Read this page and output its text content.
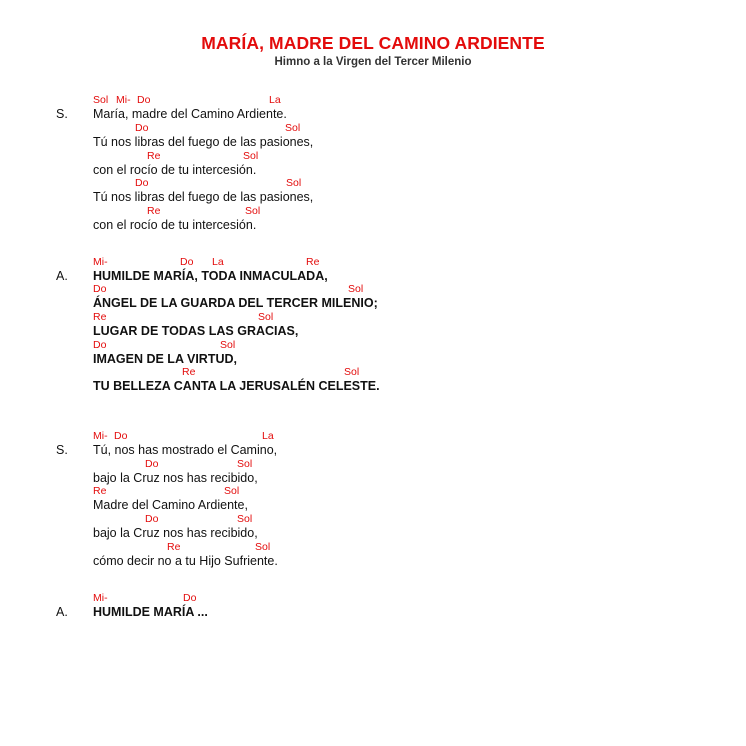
MARÍA, MADRE DEL CAMINO ARDIENTE
Himno a la Virgen del Tercer Milenio
Sol Mi- Do	La
S. María, madre del Camino Ardiente.
Do	Sol
Tú nos libras del fuego de las pasiones,
Re	Sol
con el rocío de tu intercesión.
Do	Sol
Tú nos libras del fuego de las pasiones,
Re	Sol
con el rocío de tu intercesión.
Mi-	Do La	Re
A. HUMILDE MARÍA, TODA INMACULADA,
Do	Sol
ÁNGEL DE LA GUARDA DEL TERCER MILENIO;
Re	Sol
LUGAR DE TODAS LAS GRACIAS,
Do	Sol
IMAGEN DE LA VIRTUD,
Re	Sol
TU BELLEZA CANTA LA JERUSALÉN CELESTE.
Mi- Do	La
S. Tú, nos has mostrado el Camino,
Do	Sol
bajo la Cruz nos has recibido,
Re	Sol
Madre del Camino Ardiente,
Do	Sol
bajo la Cruz nos has recibido,
Re	Sol
cómo decir no a tu Hijo Sufriente.
Mi-	Do
A. HUMILDE MARÍA ...
